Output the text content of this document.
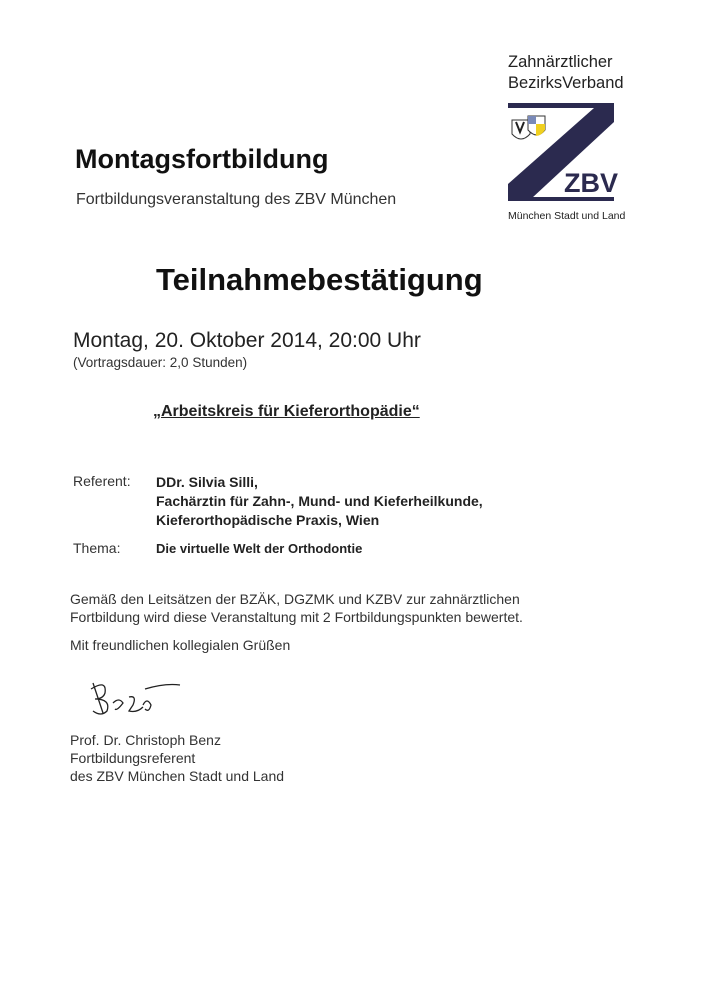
Zahnärztlicher
BezirksVerband
ZBV
München Stadt und Land
Montagsfortbildung
Fortbildungsveranstaltung des ZBV München
Teilnahmebestätigung
Montag, 20. Oktober 2014, 20:00 Uhr
(Vortragsdauer: 2,0 Stunden)
„Arbeitskreis für Kieferorthopädie“
Referent: DDr. Silvia Silli,
Fachärztin für Zahn-, Mund- und Kieferheilkunde,
Kieferorthopädische Praxis, Wien
Thema:	Die virtuelle Welt der Orthodontie
Gemäß den Leitsätzen der BZÄK, DGZMK und KZBV zur zahnärztlichen
Fortbildung wird diese Veranstaltung mit 2 Fortbildungspunkten bewertet.
Mit freundlichen kollegialen Grüßen
Prof. Dr. Christoph Benz
Fortbildungsreferent
des ZBV München Stadt und Land
